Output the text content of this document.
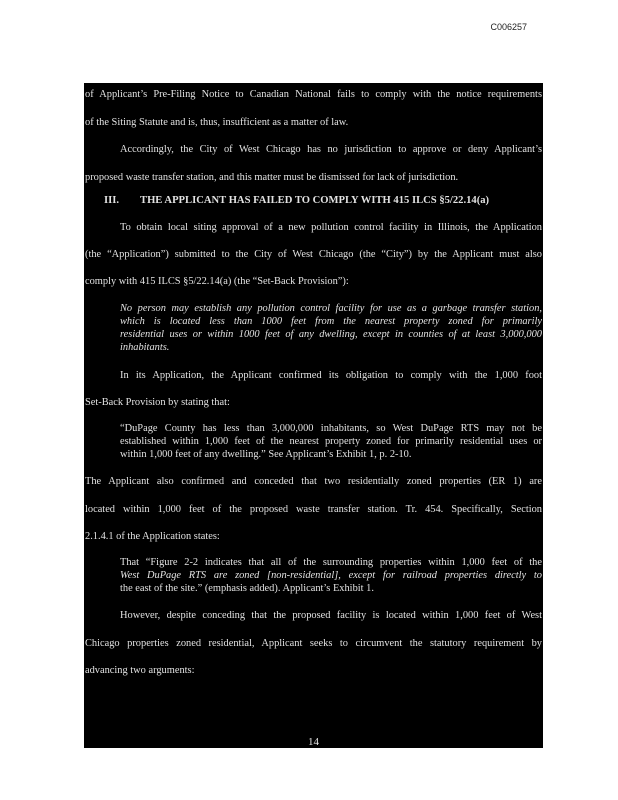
C006257
of Applicant’s Pre-Filing Notice to Canadian National fails to comply with the notice requirements
of the Siting Statute and is, thus, insufficient as a matter of law.
Accordingly, the City of West Chicago has no jurisdiction to approve or deny Applicant’s
proposed waste transfer station, and this matter must be dismissed for lack of jurisdiction.
III. THE APPLICANT HAS FAILED TO COMPLY WITH 415 ILCS §5/22.14(a)
To obtain local siting approval of a new pollution control facility in Illinois, the Application
(the “Application”) submitted to the City of West Chicago (the “City”) by the Applicant must also
comply with 415 ILCS §5/22.14(a) (the “Set-Back Provision”):
No person may establish any pollution control facility for use as a garbage transfer station,
which is located less than 1000 feet from the nearest property zoned for primarily
residential uses or within 1000 feet of any dwelling, except in counties of at least 3,000,000
inhabitants.
In its Application, the Applicant confirmed its obligation to comply with the 1,000 foot
Set-Back Provision by stating that:
“DuPage County has less than 3,000,000 inhabitants, so West DuPage RTS may not be
established within 1,000 feet of the nearest property zoned for primarily residential uses or
within 1,000 feet of any dwelling.” See Applicant’s Exhibit 1, p. 2-10.
The Applicant also confirmed and conceded that two residentially zoned properties (ER 1) are
located within 1,000 feet of the proposed waste transfer station. Tr. 454. Specifically, Section
2.1.4.1 of the Application states:
That “Figure 2-2 indicates that all of the surrounding properties within 1,000 feet of the
West DuPage RTS are zoned [non-residential], except for railroad properties directly to
the east of the site.” (emphasis added). Applicant’s Exhibit 1.
However, despite conceding that the proposed facility is located within 1,000 feet of West
Chicago properties zoned residential, Applicant seeks to circumvent the statutory requirement by
advancing two arguments:
14
